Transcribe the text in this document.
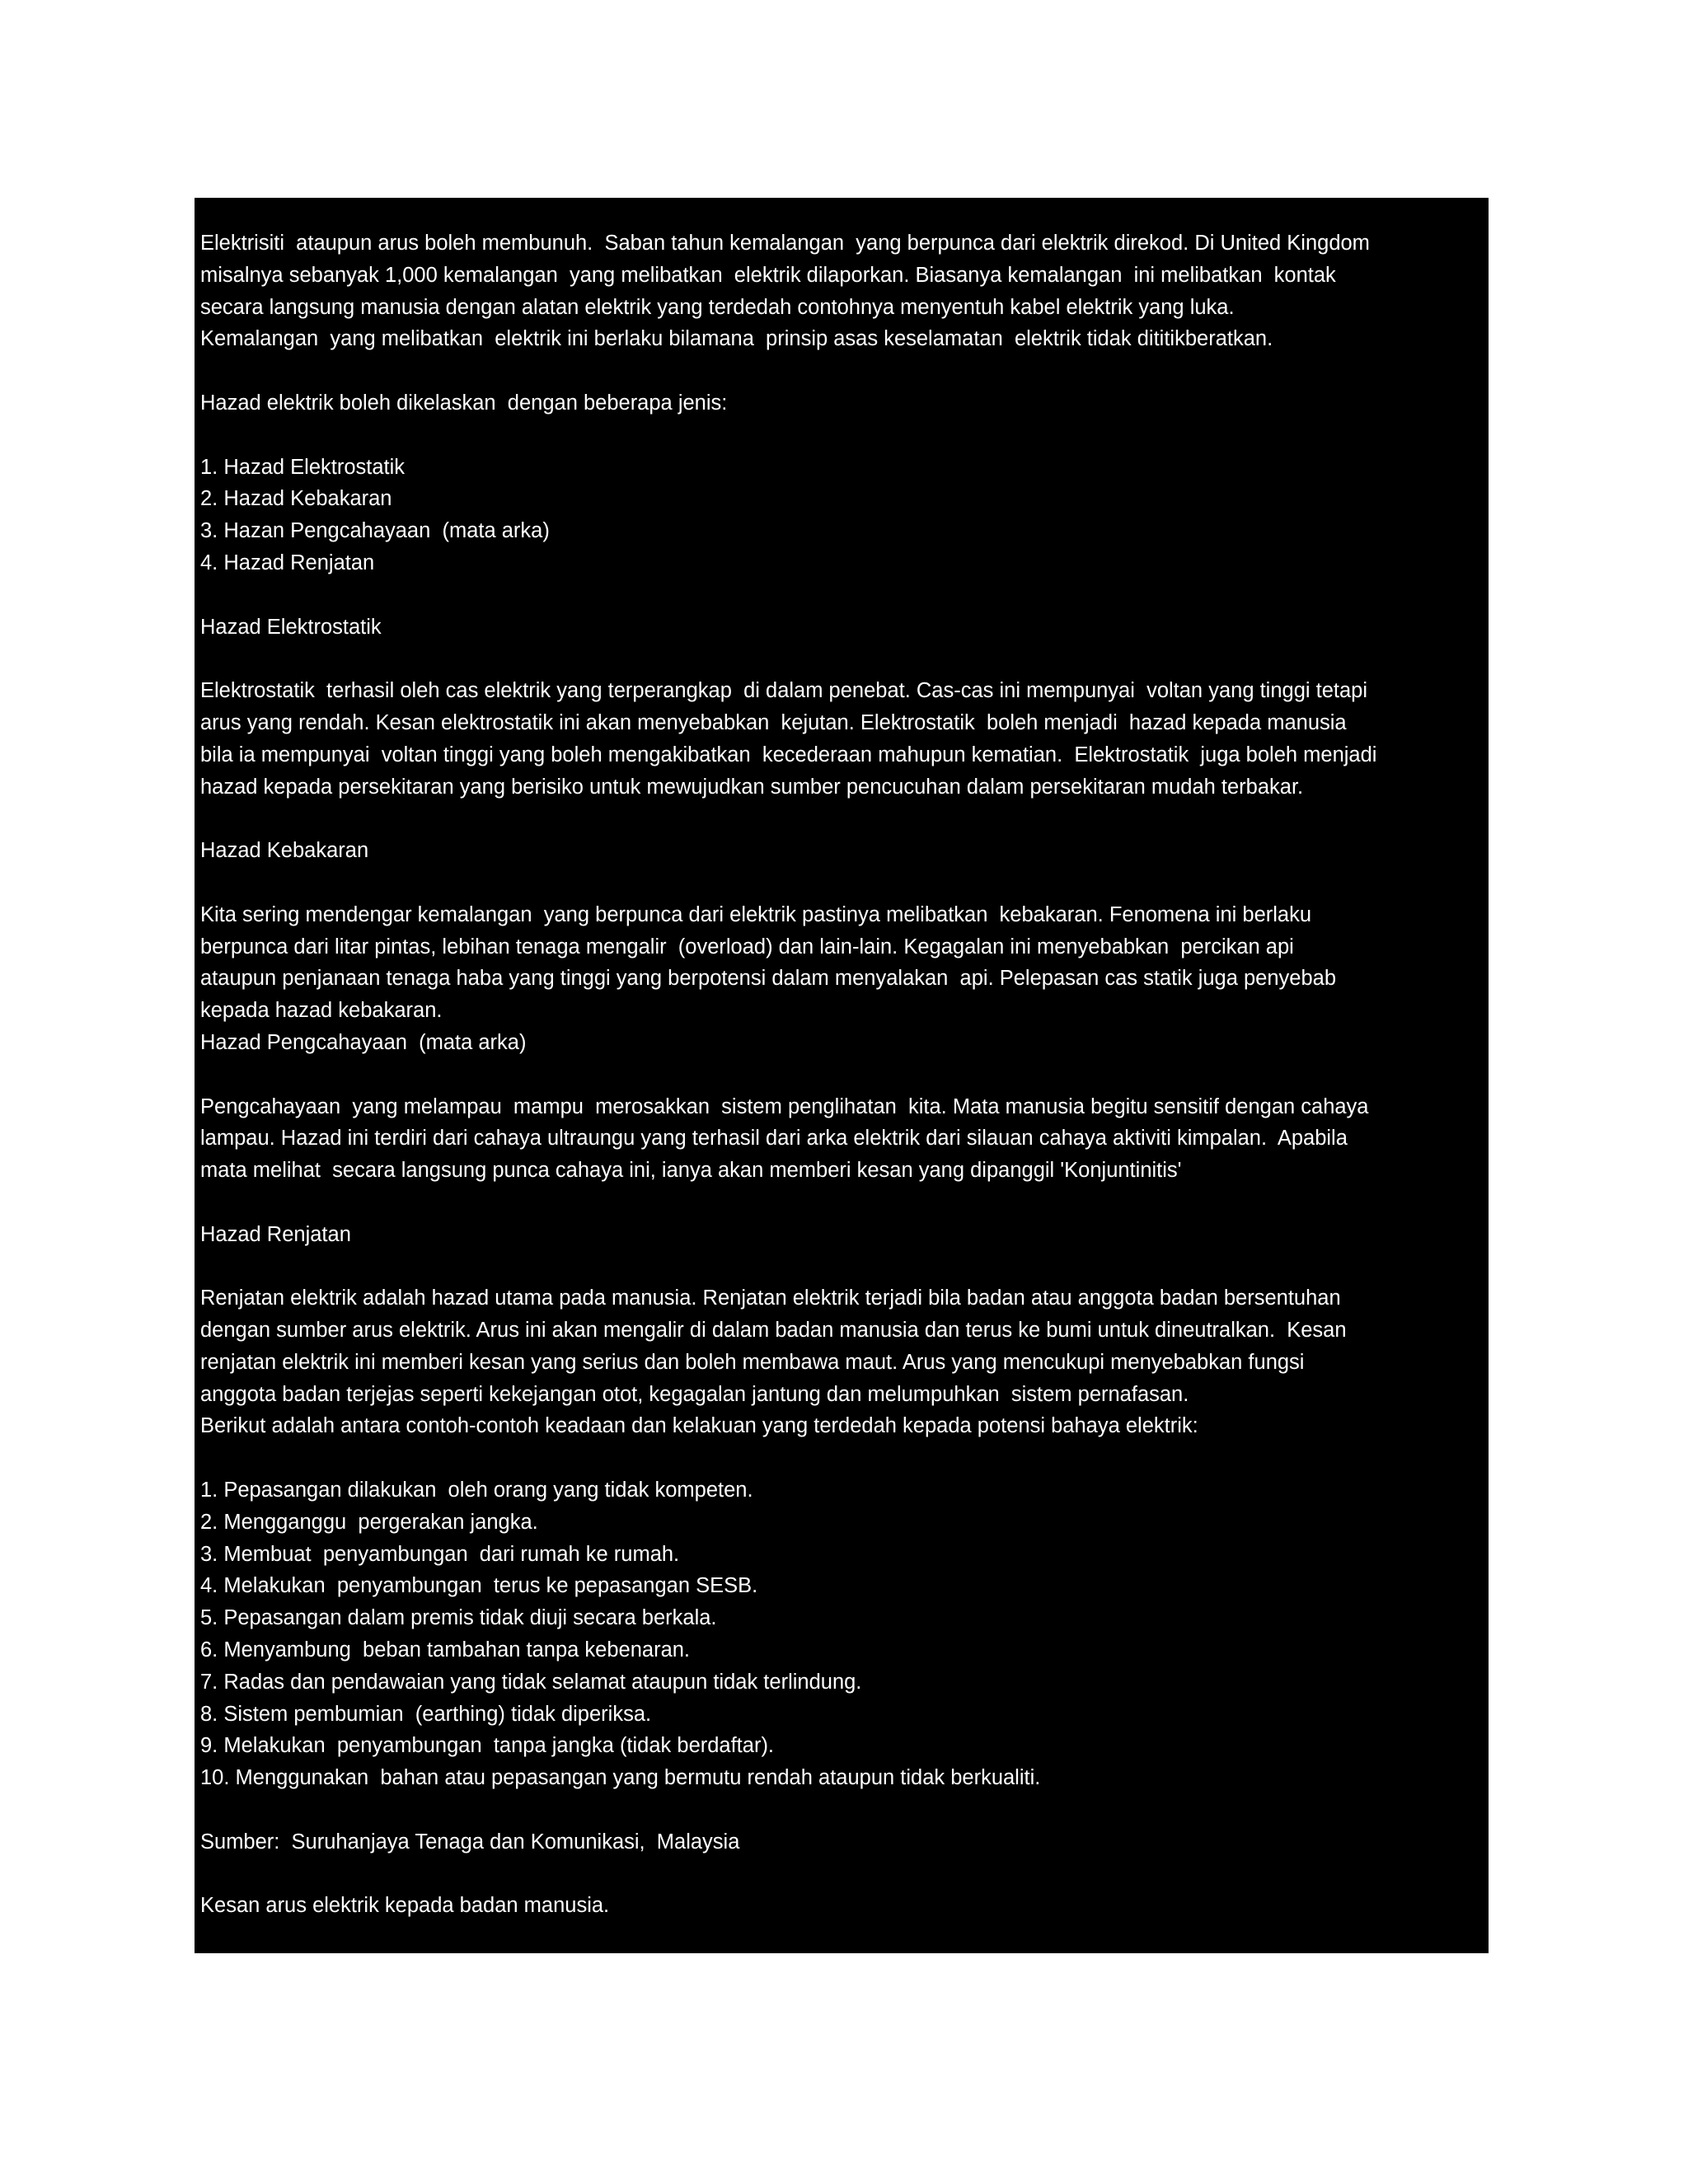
Elektrisiti  ataupun arus boleh membunuh.  Saban tahun kemalangan  yang berpunca dari elektrik direkod. Di United Kingdom

misalnya sebanyak 1,000 kemalangan  yang melibatkan  elektrik dilaporkan. Biasanya kemalangan  ini melibatkan  kontak

secara langsung manusia dengan alatan elektrik yang terdedah contohnya menyentuh kabel elektrik yang luka.

Kemalangan  yang melibatkan  elektrik ini berlaku bilamana  prinsip asas keselamatan  elektrik tidak dititikberatkan.

Hazad elektrik boleh dikelaskan  dengan beberapa jenis:

1. Hazad Elektrostatik

2. Hazad Kebakaran

3. Hazan Pengcahayaan  (mata arka)

4. Hazad Renjatan

Hazad Elektrostatik

Elektrostatik  terhasil oleh cas elektrik yang terperangkap  di dalam penebat. Cas-cas ini mempunyai  voltan yang tinggi tetapi

arus yang rendah. Kesan elektrostatik ini akan menyebabkan  kejutan. Elektrostatik  boleh menjadi  hazad kepada manusia

bila ia mempunyai  voltan tinggi yang boleh mengakibatkan  kecederaan mahupun kematian.  Elektrostatik  juga boleh menjadi

hazad kepada persekitaran yang berisiko untuk mewujudkan sumber pencucuhan dalam persekitaran mudah terbakar.

Hazad Kebakaran

Kita sering mendengar kemalangan  yang berpunca dari elektrik pastinya melibatkan  kebakaran. Fenomena ini berlaku

berpunca dari litar pintas, lebihan tenaga mengalir  (overload) dan lain-lain. Kegagalan ini menyebabkan  percikan api

ataupun penjanaan tenaga haba yang tinggi yang berpotensi dalam menyalakan  api. Pelepasan cas statik juga penyebab

kepada hazad kebakaran.

Hazad Pengcahayaan  (mata arka)

Pengcahayaan  yang melampau  mampu  merosakkan  sistem penglihatan  kita. Mata manusia begitu sensitif dengan cahaya

lampau. Hazad ini terdiri dari cahaya ultraungu yang terhasil dari arka elektrik dari silauan cahaya aktiviti kimpalan.  Apabila

mata melihat  secara langsung punca cahaya ini, ianya akan memberi kesan yang dipanggil 'Konjuntinitis'

Hazad Renjatan

Renjatan elektrik adalah hazad utama pada manusia. Renjatan elektrik terjadi bila badan atau anggota badan bersentuhan

dengan sumber arus elektrik. Arus ini akan mengalir di dalam badan manusia dan terus ke bumi untuk dineutralkan.  Kesan

renjatan elektrik ini memberi kesan yang serius dan boleh membawa maut. Arus yang mencukupi menyebabkan fungsi

anggota badan terjejas seperti kekejangan otot, kegagalan jantung dan melumpuhkan  sistem pernafasan.

Berikut adalah antara contoh-contoh keadaan dan kelakuan yang terdedah kepada potensi bahaya elektrik:

1. Pepasangan dilakukan  oleh orang yang tidak kompeten.

2. Mengganggu  pergerakan jangka.

3. Membuat  penyambungan  dari rumah ke rumah.

4. Melakukan  penyambungan  terus ke pepasangan SESB.

5. Pepasangan dalam premis tidak diuji secara berkala.

6. Menyambung  beban tambahan tanpa kebenaran.

7. Radas dan pendawaian yang tidak selamat ataupun tidak terlindung.

8. Sistem pembumian  (earthing) tidak diperiksa.

9. Melakukan  penyambungan  tanpa jangka (tidak berdaftar).

10. Menggunakan  bahan atau pepasangan yang bermutu rendah ataupun tidak berkualiti.

Sumber:  Suruhanjaya Tenaga dan Komunikasi,  Malaysia

Kesan arus elektrik kepada badan manusia.
